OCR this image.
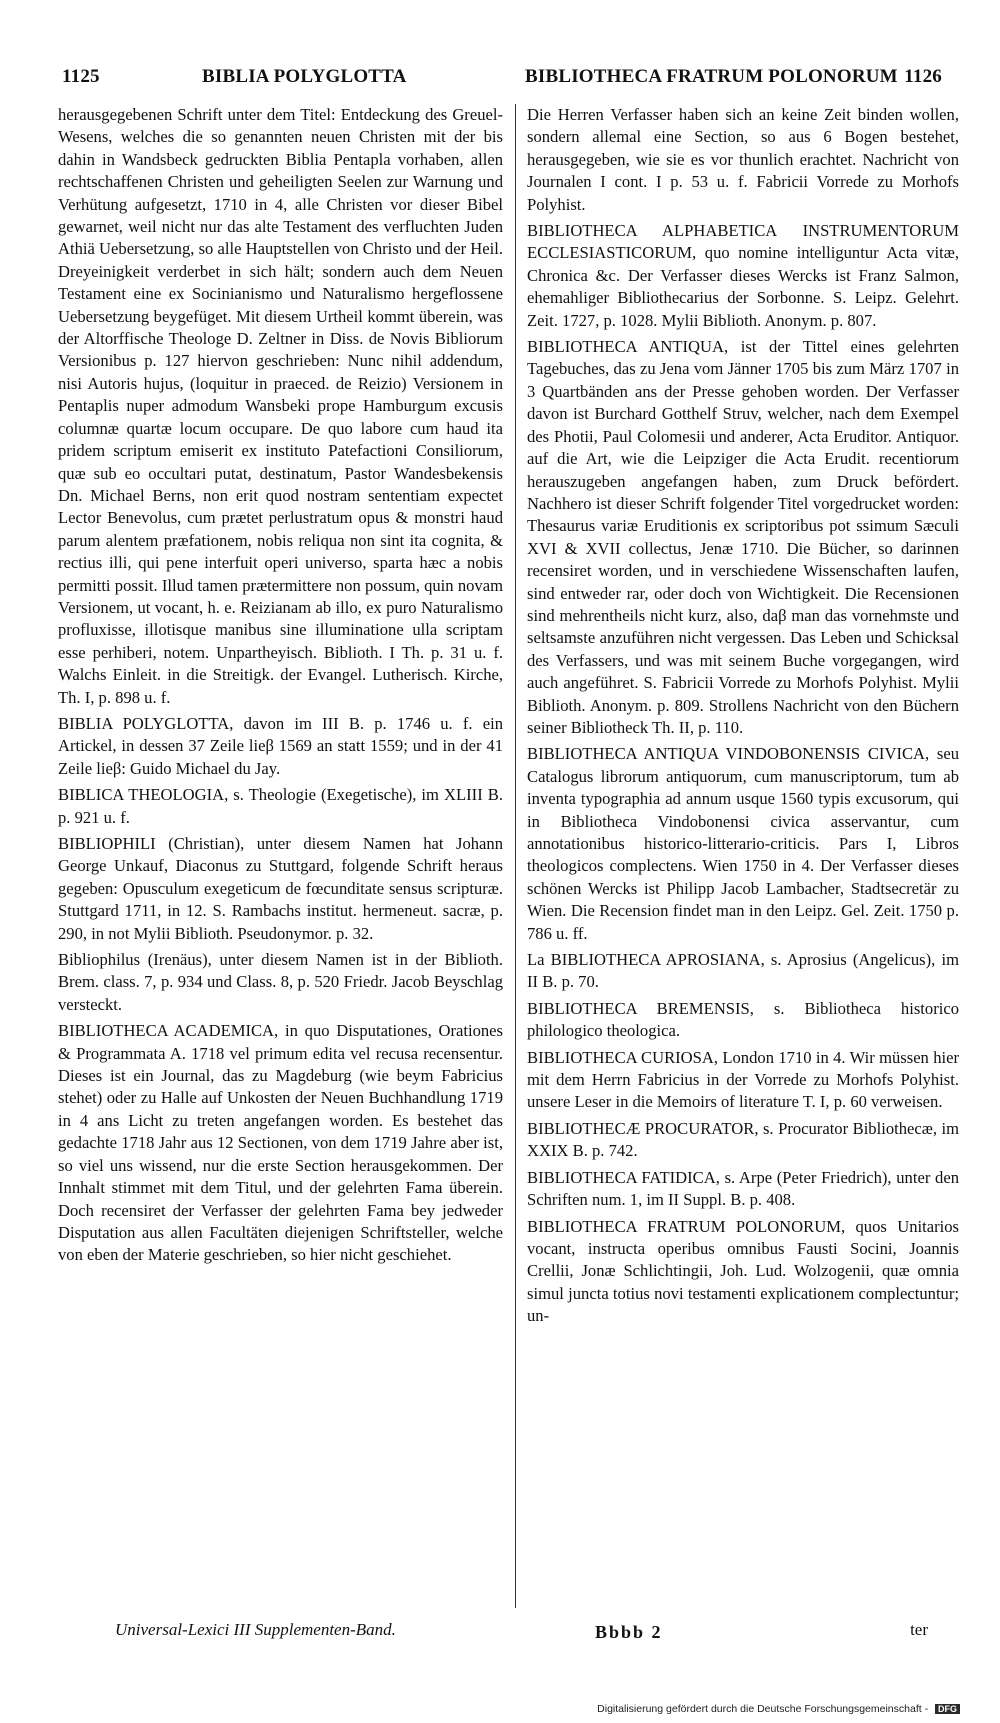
1125	BIBLIA POLYGLOTTA	BIBLIOTHECA FRATRUM POLONORUM 1126

herausgegebenen Schrift unter dem Titel: Entdeckung des Greuel-Wesens, welches die so genannten neuen Christen mit der bis dahin in Wandsbeck gedruckten Biblia Pentapla vorhaben, allen rechtschaffenen Christen und geheiligten Seelen zur Warnung und Verhütung aufgesetzt, 1710 in 4, alle Christen vor dieser Bibel gewarnet, weil nicht nur das alte Testament des verfluchten Juden Athiä Uebersetzung, so alle Hauptstellen von Christo und der Heil. Dreyeinigkeit verderbet in sich hält; sondern auch dem Neuen Testament eine ex Socinianismo und Naturalismo hergeflossene Uebersetzung beygefüget. Mit diesem Urtheil kommt überein, was der Altorffische Theologe D. Zeltner in Diss. de Novis Bibliorum Versionibus p. 127 hiervon geschrieben: Nunc nihil addendum, nisi Autoris hujus, (loquitur in praeced. de Reizio) Versionem in Pentaplis nuper admodum Wansbeki prope Hamburgum excusis columnæ quartæ locum occupare. De quo labore cum haud ita pridem scriptum emiserit ex instituto Patefactioni Consiliorum, quæ sub eo occultari putat, destinatum, Pastor Wandesbekensis Dn. Michael Berns, non erit quod nostram sententiam expectet Lector Benevolus, cum prætet perlustratum opus & monstri haud parum alentem præfationem, nobis reliqua non sint ita cognita, & rectius illi, qui pene interfuit operi universo, sparta hæc a nobis permitti possit. Illud tamen prætermittere non possum, quin novam Versionem, ut vocant, h. e. Reizianam ab illo, ex puro Naturalismo profluxisse, illotisque manibus sine illuminatione ulla scriptam esse perhiberi, notem. Unpartheyisch. Biblioth. I Th. p. 31 u. f. Walchs Einleit. in die Streitigk. der Evangel. Lutherisch. Kirche, Th. I, p. 898 u. f.

BIBLIA POLYGLOTTA, davon im III B. p. 1746 u. f. ein Artickel, in dessen 37 Zeile lieβ 1569 an statt 1559; und in der 41 Zeile lieβ: Guido Michael du Jay.

BIBLICA THEOLOGIA, s. Theologie (Exegetische), im XLIII B. p. 921 u. f.

BIBLIOPHILI (Christian), unter diesem Namen hat Johann George Unkauf, Diaconus zu Stuttgard, folgende Schrift heraus gegeben: Opusculum exegeticum de fœcunditate sensus scripturæ. Stuttgard 1711, in 12. S. Rambachs institut. hermeneut. sacræ, p. 290, in not Mylii Biblioth. Pseudonymor. p. 32.

Bibliophilus (Irenäus), unter diesem Namen ist in der Biblioth. Brem. class. 7, p. 934 und Class. 8, p. 520 Friedr. Jacob Beyschlag versteckt.

BIBLIOTHECA ACADEMICA, in quo Disputationes, Orationes & Programmata A. 1718 vel primum edita vel recusa recensentur. Dieses ist ein Journal, das zu Magdeburg (wie beym Fabricius stehet) oder zu Halle auf Unkosten der Neuen Buchhandlung 1719 in 4 ans Licht zu treten angefangen worden. Es bestehet das gedachte 1718 Jahr aus 12 Sectionen, von dem 1719 Jahre aber ist, so viel uns wissend, nur die erste Section herausgekommen. Der Innhalt stimmet mit dem Titul, und der gelehrten Fama überein. Doch recensiret der Verfasser der gelehrten Fama bey jedweder Disputation aus allen Facultäten diejenigen Schriftsteller, welche von eben der Materie geschrieben, so hier nicht geschiehet.

Die Herren Verfasser haben sich an keine Zeit binden wollen, sondern allemal eine Section, so aus 6 Bogen bestehet, herausgegeben, wie sie es vor thunlich erachtet. Nachricht von Journalen I cont. I p. 53 u. f. Fabricii Vorrede zu Morhofs Polyhist.

BIBLIOTHECA ALPHABETICA INSTRUMENTORUM ECCLESIASTICORUM, quo nomine intelliguntur Acta vitæ, Chronica &c. Der Verfasser dieses Wercks ist Franz Salmon, ehemahliger Bibliothecarius der Sorbonne. S. Leipz. Gelehrt. Zeit. 1727, p. 1028. Mylii Biblioth. Anonym. p. 807.

BIBLIOTHECA ANTIQUA, ist der Tittel eines gelehrten Tagebuches, das zu Jena vom Jänner 1705 bis zum März 1707 in 3 Quartbänden ans der Presse gehoben worden. Der Verfasser davon ist Burchard Gotthelf Struv, welcher, nach dem Exempel des Photii, Paul Colomesii und anderer, Acta Eruditor. Antiquor. auf die Art, wie die Leipziger die Acta Erudit. recentiorum herauszugeben angefangen haben, zum Druck befördert. Nachhero ist dieser Schrift folgender Titel vorgedrucket worden: Thesaurus variæ Eruditionis ex scriptoribus pot ssimum Sæculi XVI & XVII collectus, Jenæ 1710. Die Bücher, so darinnen recensiret worden, und in verschiedene Wissenschaften laufen, sind entweder rar, oder doch von Wichtigkeit. Die Recensionen sind mehrentheils nicht kurz, also, daβ man das vornehmste und seltsamste anzuführen nicht vergessen. Das Leben und Schicksal des Verfassers, und was mit seinem Buche vorgegangen, wird auch angeführet. S. Fabricii Vorrede zu Morhofs Polyhist. Mylii Biblioth. Anonym. p. 809. Strollens Nachricht von den Büchern seiner Bibliotheck Th. II, p. 110.

BIBLIOTHECA ANTIQUA VINDOBONENSIS CIVICA, seu Catalogus librorum antiquorum, cum manuscriptorum, tum ab inventa typographia ad annum usque 1560 typis excusorum, qui in Bibliotheca Vindobonensi civica asservantur, cum annotationibus historico-litterario-criticis. Pars I, Libros theologicos complectens. Wien 1750 in 4. Der Verfasser dieses schönen Wercks ist Philipp Jacob Lambacher, Stadtsecretär zu Wien. Die Recension findet man in den Leipz. Gel. Zeit. 1750 p. 786 u. ff.

La BIBLIOTHECA APROSIANA, s. Aprosius (Angelicus), im II B. p. 70.

BIBLIOTHECA BREMENSIS, s. Bibliotheca historico philologico theologica.

BIBLIOTHECA CURIOSA, London 1710 in 4. Wir müssen hier mit dem Herrn Fabricius in der Vorrede zu Morhofs Polyhist. unsere Leser in die Memoirs of literature T. I, p. 60 verweisen.

BIBLIOTHECÆ PROCURATOR, s. Procurator Bibliothecæ, im XXIX B. p. 742.

BIBLIOTHECA FATIDICA, s. Arpe (Peter Friedrich), unter den Schriften num. 1, im II Suppl. B. p. 408.

BIBLIOTHECA FRATRUM POLONORUM, quos Unitarios vocant, instructa operibus omnibus Fausti Socini, Joannis Crellii, Jonæ Schlichtingii, Joh. Lud. Wolzogenii, quæ omnia simul juncta totius novi testamenti explicationem complectuntur; un-

Universal-Lexici III Supplementen-Band.	Bbbb 2	ter
Digitalisierung gefördert durch die Deutsche Forschungsgemeinschaft - DFG
